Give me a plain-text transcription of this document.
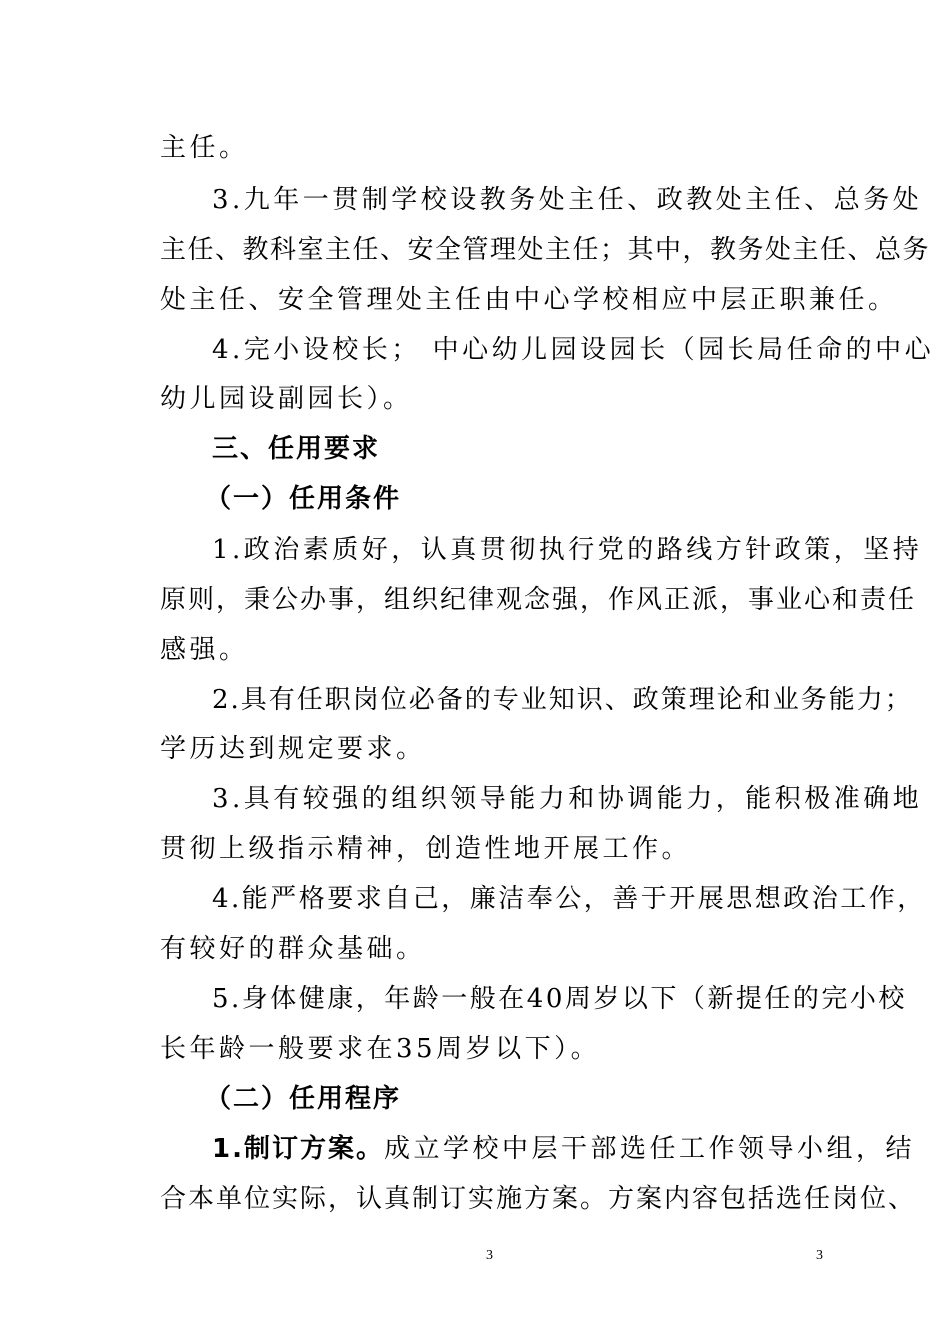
主任。
3.九年一贯制学校设教务处主任、政教处主任、总务处
主任、教科室主任、安全管理处主任；其中，教务处主任、总务
处主任、安全管理处主任由中心学校相应中层正职兼任。
4.完小设校长； 中心幼儿园设园长（园长局任命的中心
幼儿园设副园长）。
三、任用要求
（一）任用条件
1.政治素质好，认真贯彻执行党的路线方针政策，坚持
原则，秉公办事，组织纪律观念强，作风正派，事业心和责任
感强。
2.具有任职岗位必备的专业知识、政策理论和业务能力；
学历达到规定要求。
3.具有较强的组织领导能力和协调能力，能积极准确地
贯彻上级指示精神，创造性地开展工作。
4.能严格要求自己，廉洁奉公，善于开展思想政治工作，
有较好的群众基础。
5.身体健康，年龄一般在40周岁以下（新提任的完小校
长年龄一般要求在35周岁以下）。
（二）任用程序
1.制订方案。成立学校中层干部选任工作领导小组，结
合本单位实际，认真制订实施方案。方案内容包括选任岗位、
3	3
